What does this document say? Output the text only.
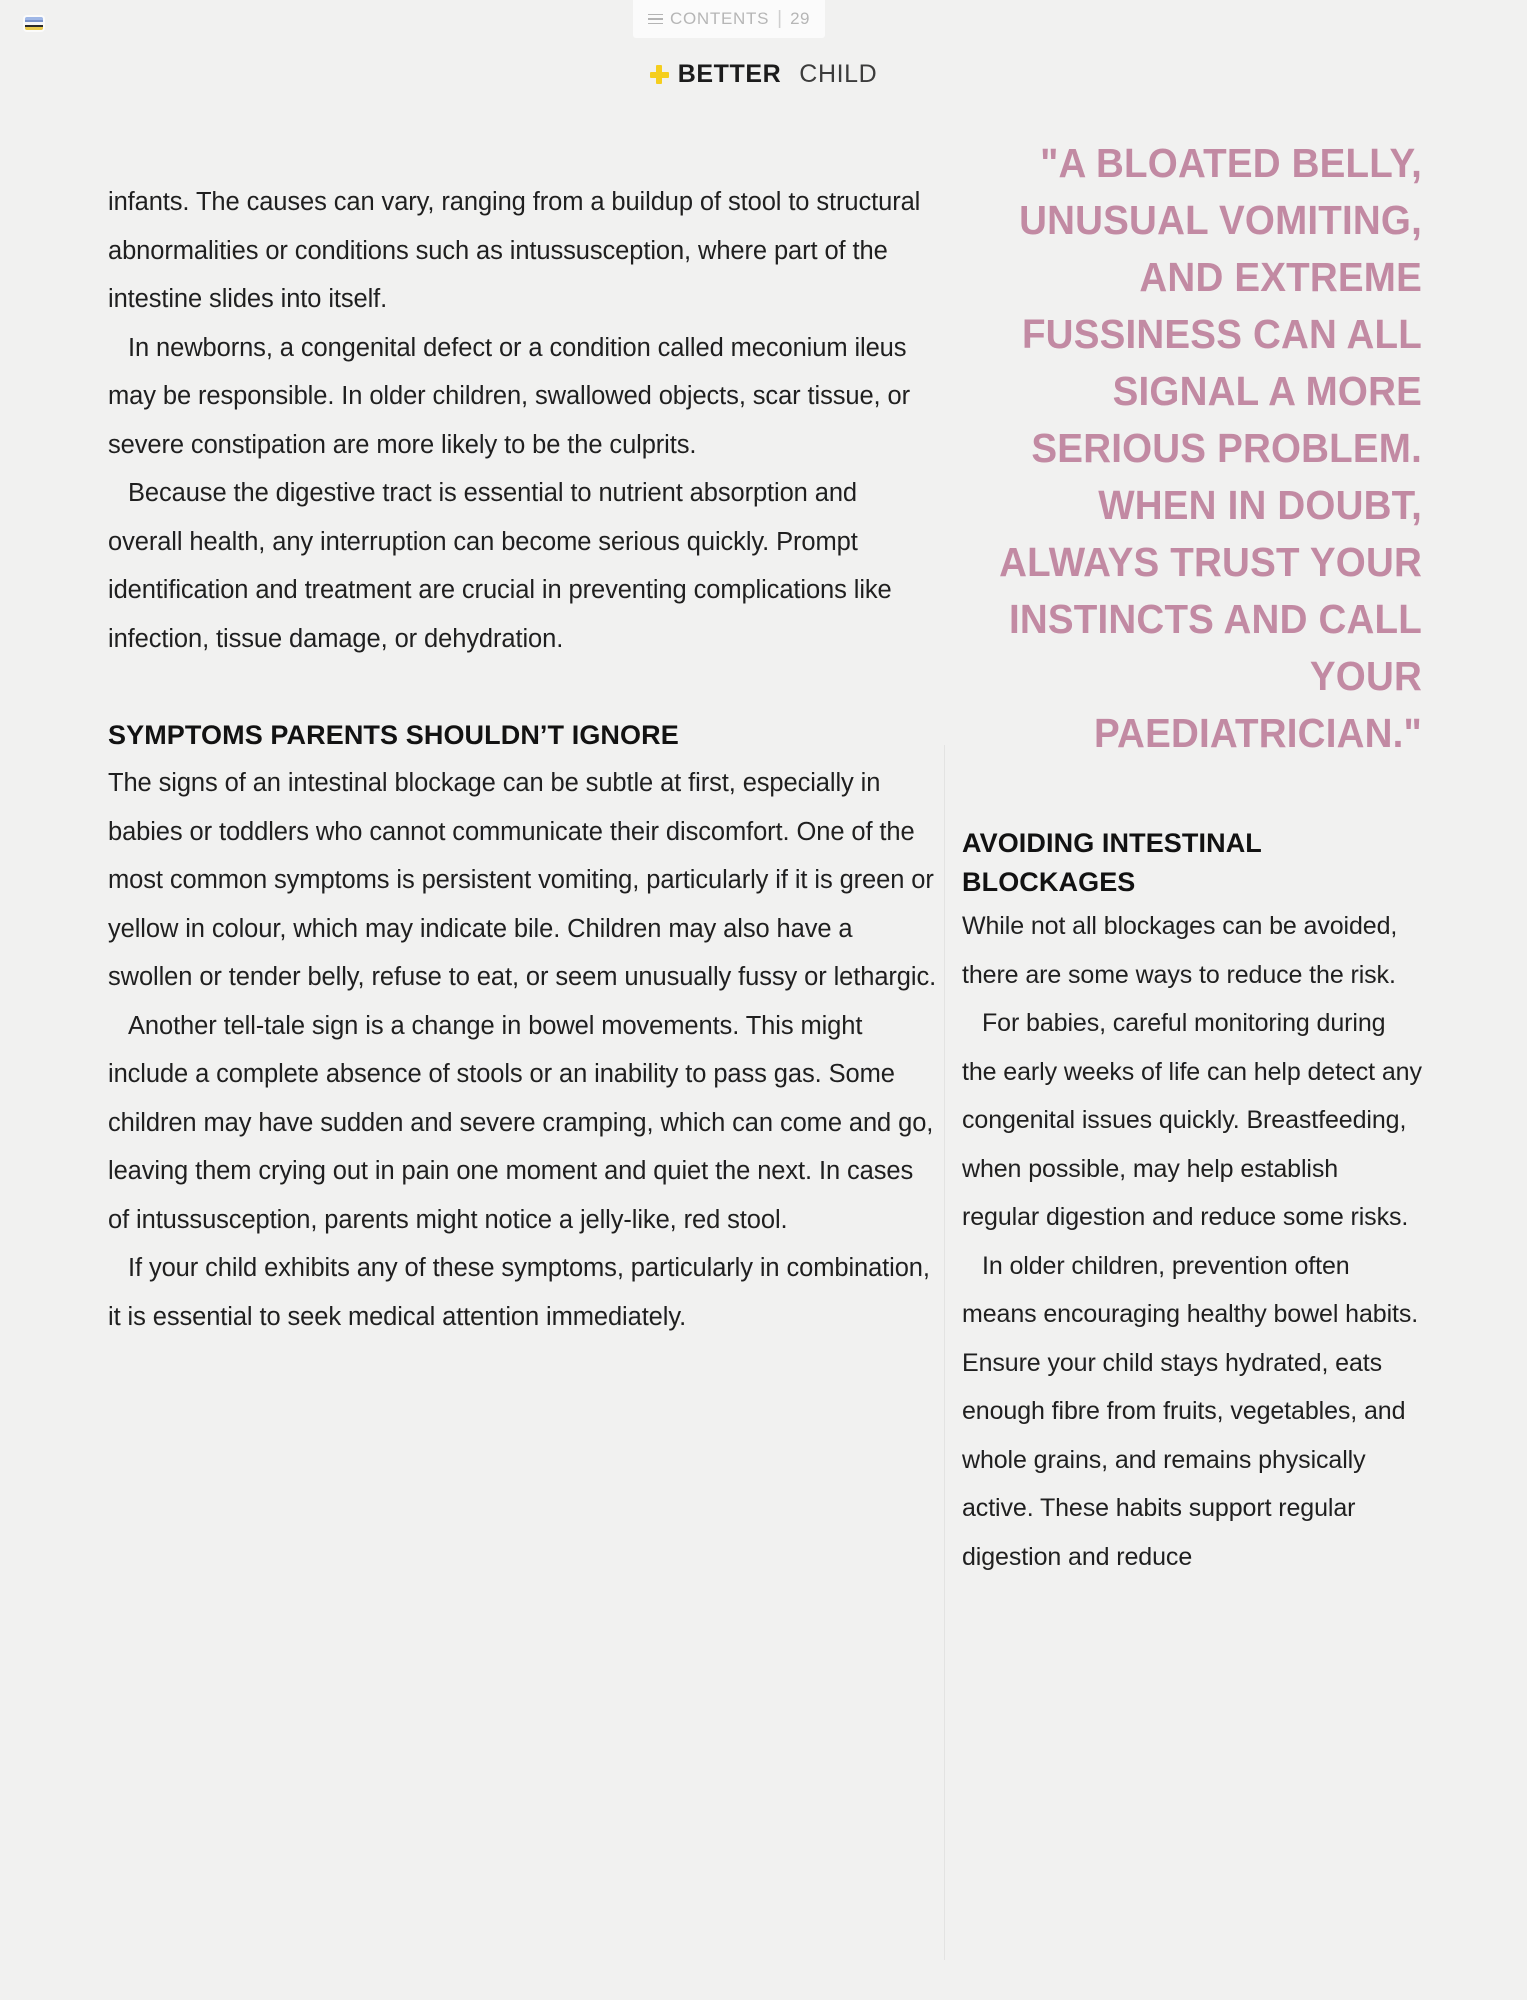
CONTENTS | 29
BETTER CHILD

infants. The causes can vary, ranging from a buildup of stool to structural abnormalities or conditions such as intussusception, where part of the intestine slides into itself.

In newborns, a congenital defect or a condition called meconium ileus may be responsible. In older children, swallowed objects, scar tissue, or severe constipation are more likely to be the culprits.

Because the digestive tract is essential to nutrient absorption and overall health, any interruption can become serious quickly. Prompt identification and treatment are crucial in preventing complications like infection, tissue damage, or dehydration.

SYMPTOMS PARENTS SHOULDN’T IGNORE

The signs of an intestinal blockage can be subtle at first, especially in babies or toddlers who cannot communicate their discomfort. One of the most common symptoms is persistent vomiting, particularly if it is green or yellow in colour, which may indicate bile. Children may also have a swollen or tender belly, refuse to eat, or seem unusually fussy or lethargic.

Another tell-tale sign is a change in bowel movements. This might include a complete absence of stools or an inability to pass gas. Some children may have sudden and severe cramping, which can come and go, leaving them crying out in pain one moment and quiet the next. In cases of intussusception, parents might notice a jelly-like, red stool.

If your child exhibits any of these symptoms, particularly in combination, it is essential to seek medical attention immediately.

"A BLOATED BELLY, UNUSUAL VOMITING, AND EXTREME FUSSINESS CAN ALL SIGNAL A MORE SERIOUS PROBLEM. WHEN IN DOUBT, ALWAYS TRUST YOUR INSTINCTS AND CALL YOUR PAEDIATRICIAN."

AVOIDING INTESTINAL BLOCKAGES

While not all blockages can be avoided, there are some ways to reduce the risk.

For babies, careful monitoring during the early weeks of life can help detect any congenital issues quickly. Breastfeeding, when possible, may help establish regular digestion and reduce some risks.

In older children, prevention often means encouraging healthy bowel habits. Ensure your child stays hydrated, eats enough fibre from fruits, vegetables, and whole grains, and remains physically active. These habits support regular digestion and reduce
